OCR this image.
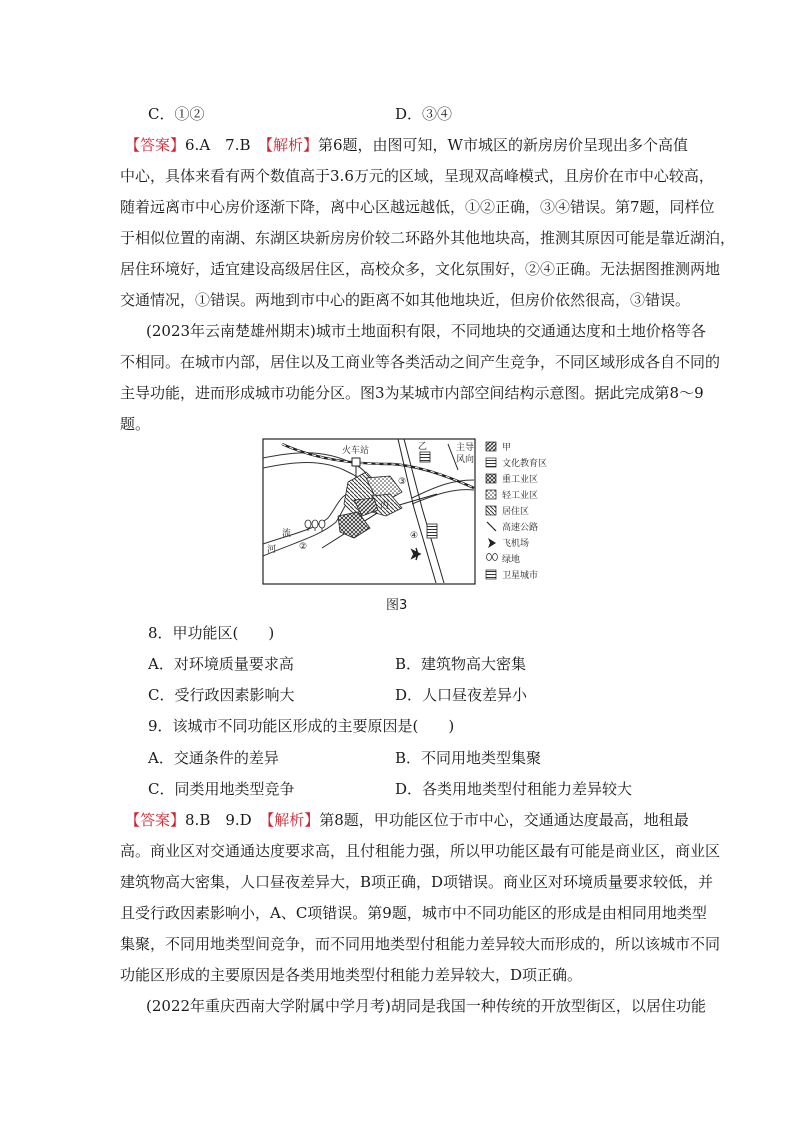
C．①②	D．③④
【答案】6.A　7.B　【解析】第6题，由图可知，W市城区的新房房价呈现出多个高值
中心，具体来看有两个数值高于3.6万元的区域，呈现双高峰模式，且房价在市中心较高，
随着远离市中心房价逐渐下降，离中心区越远越低，①②正确，③④错误。第7题，同样位
于相似位置的南湖、东湖区块新房房价较二环路外其他地块高，推测其原因可能是靠近湖泊，
居住环境好，适宜建设高级居住区，高校众多，文化氛围好，②④正确。无法据图推测两地
交通情况，①错误。两地到市中心的距离不如其他地块近，但房价依然很高，③错误。
(2023年云南楚雄州期末)城市土地面积有限，不同地块的交通通达度和土地价格等各
不相同。在城市内部，居住以及工商业等各类活动之间产生竞争，不同区域形成各自不同的
主导功能，进而形成城市功能分区。图3为某城市内部空间结构示意图。据此完成第8～9
题。
火车站	乙	主导
风向
丙
③
②
④
流
河
甲
文化教育区
重工业区
轻工业区
居住区
高速公路
飞机场
绿地
卫星城市
图3
8．甲功能区(　　)
A．对环境质量要求高	B．建筑物高大密集
C．受行政因素影响大	D．人口昼夜差异小
9．该城市不同功能区形成的主要原因是(　　)
A．交通条件的差异	B．不同用地类型集聚
C．同类用地类型竞争	D．各类用地类型付租能力差异较大
【答案】8.B　9.D　【解析】第8题，甲功能区位于市中心，交通通达度最高，地租最
高。商业区对交通通达度要求高，且付租能力强，所以甲功能区最有可能是商业区，商业区
建筑物高大密集，人口昼夜差异大，B项正确，D项错误。商业区对环境质量要求较低，并
且受行政因素影响小，A、C项错误。第9题，城市中不同功能区的形成是由相同用地类型
集聚，不同用地类型间竞争，而不同用地类型付租能力差异较大而形成的，所以该城市不同
功能区形成的主要原因是各类用地类型付租能力差异较大，D项正确。
(2022年重庆西南大学附属中学月考)胡同是我国一种传统的开放型街区，以居住功能
